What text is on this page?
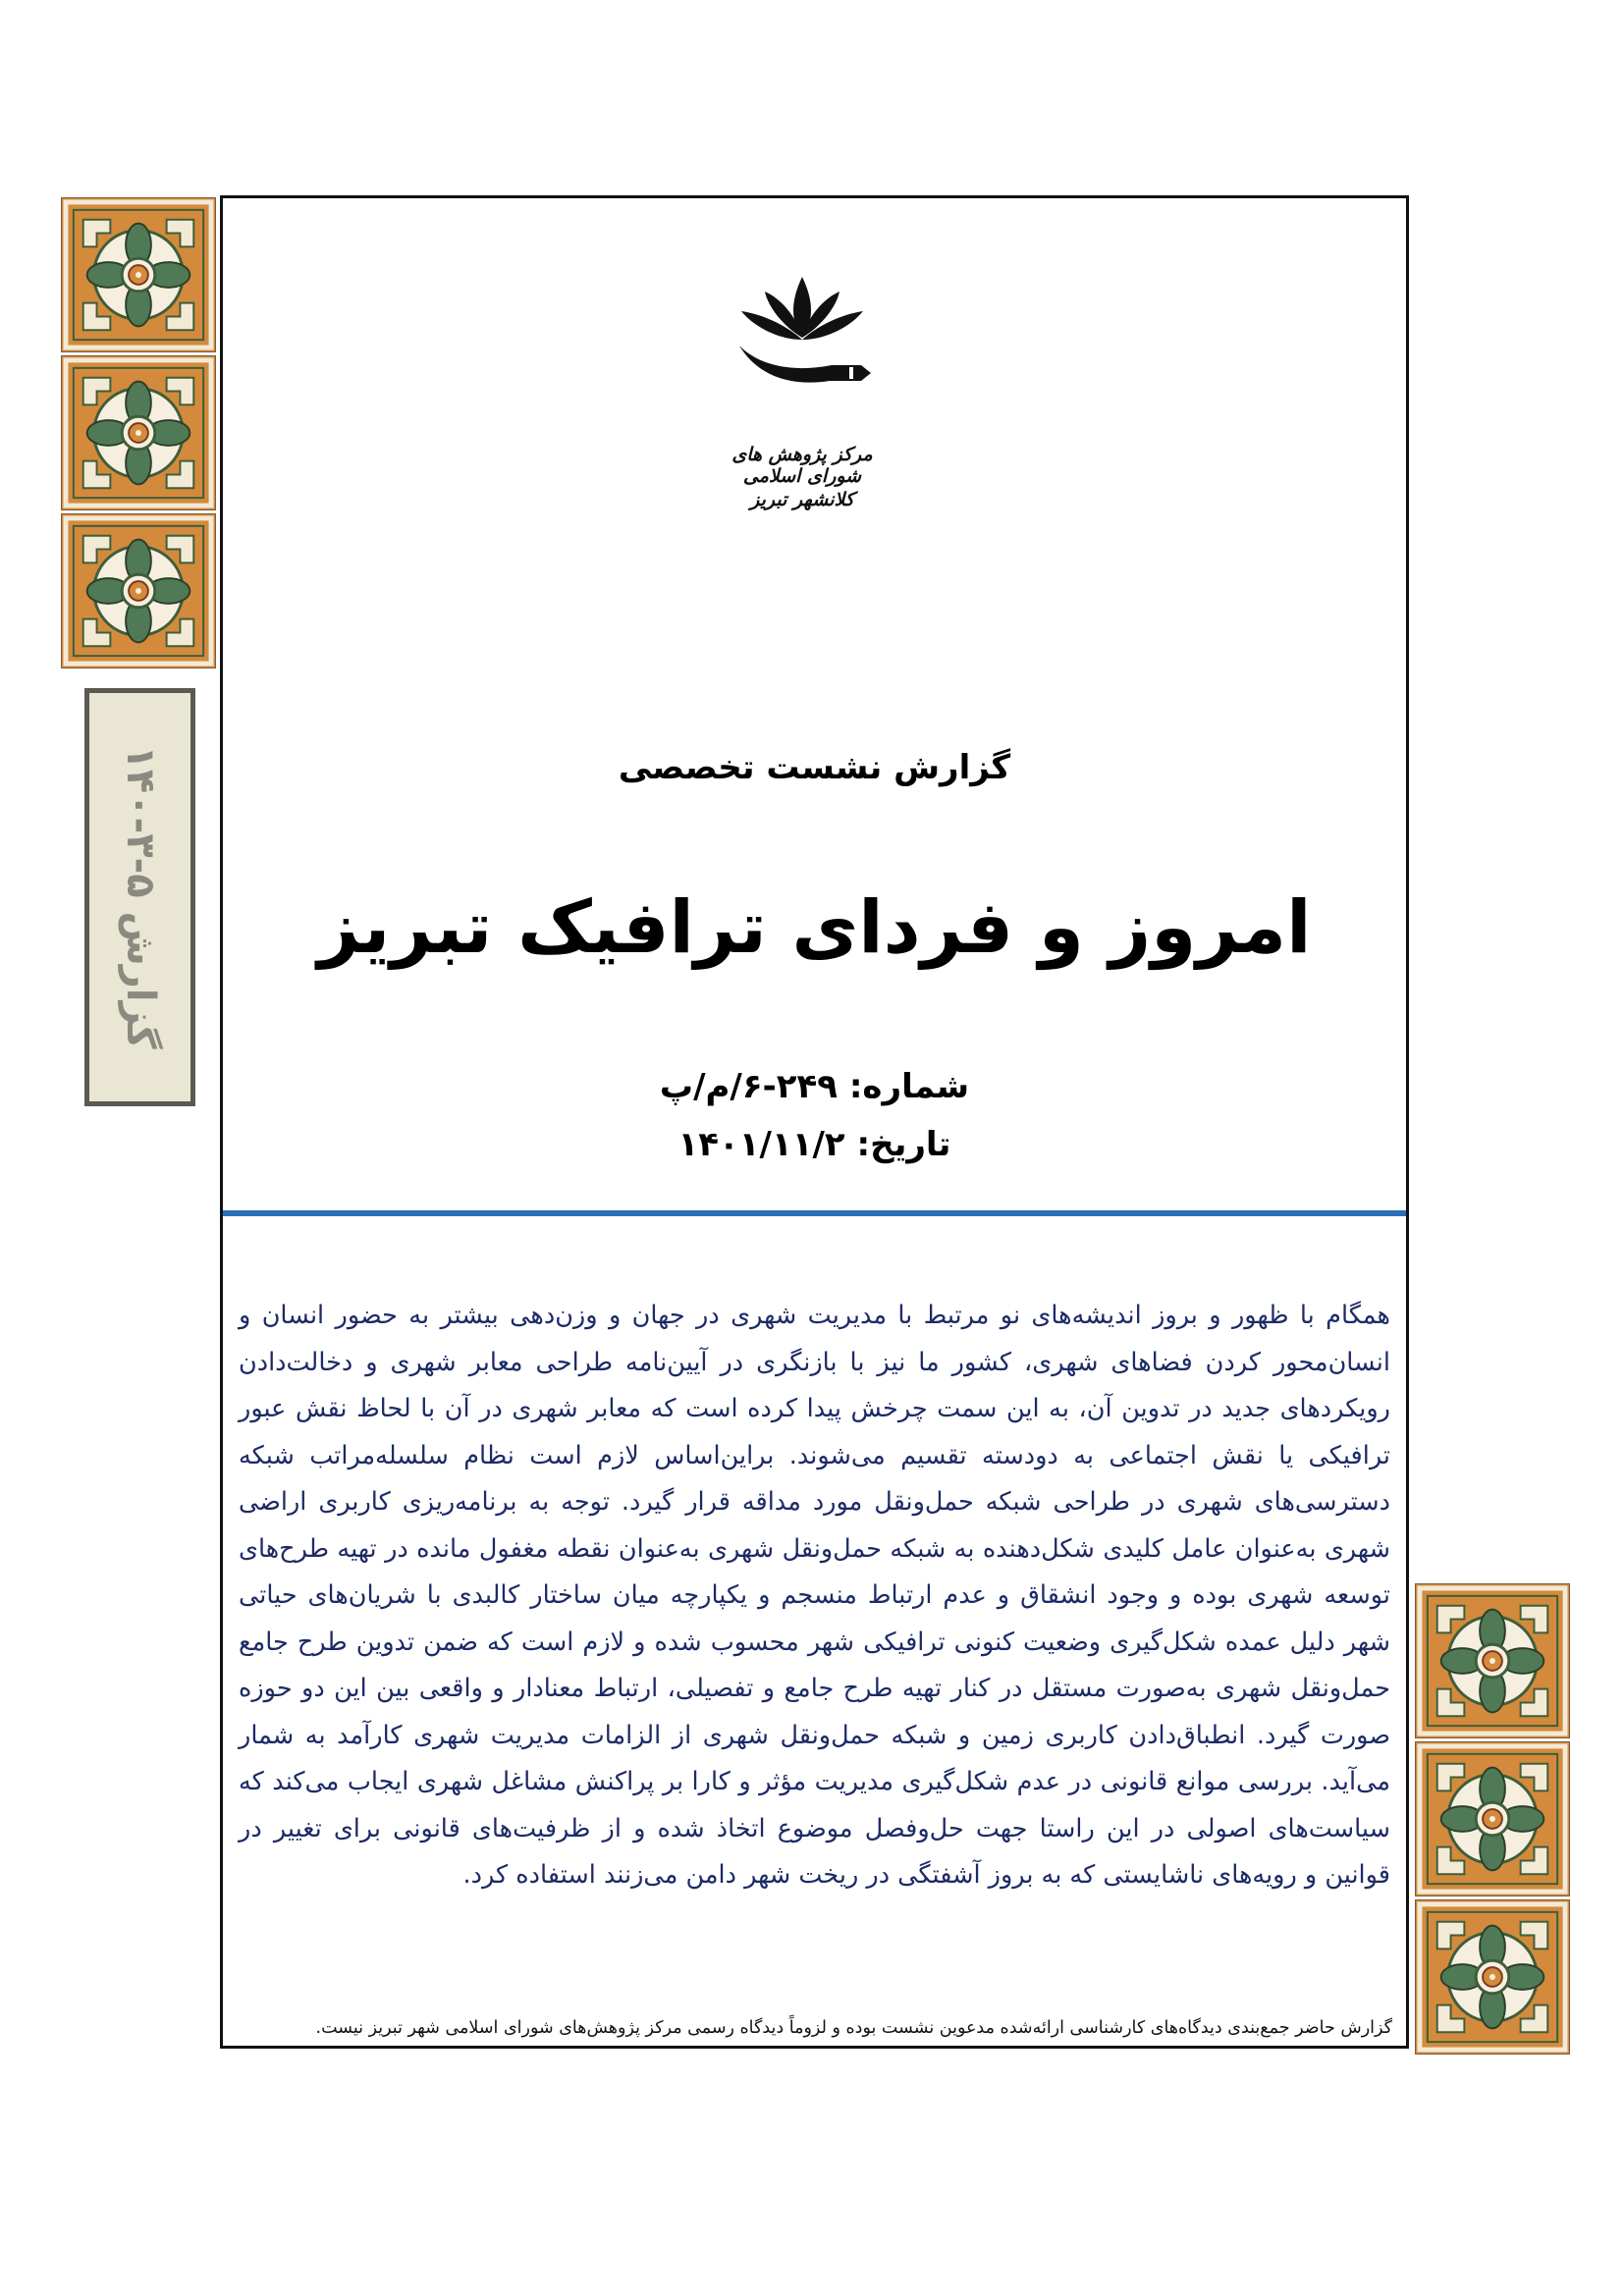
گزارش ۵-۳-۱۴۰
مرکز پژوهش های شورای اسلامی
کلانشهر تبریز
گزارش نشست تخصصی
امروز و فردای ترافیک تبریز
شماره: ۲۴۹-۶/م/پ
تاریخ: ۱۴۰۱/۱۱/۲
همگام با ظهور و بروز اندیشه‌های نو مرتبط با مدیریت شهری در جهان و وزن‌دهی بیشتر به حضور انسان و انسان‌محور کردن فضاهای شهری، کشور ما نیز با بازنگری در آیین‌نامه طراحی معابر شهری و دخالت‌دادن رویکردهای جدید در تدوین آن، به این سمت چرخش پیدا کرده است که معابر شهری در آن با لحاظ نقش عبور ترافیکی یا نقش اجتماعی به دودسته تقسیم می‌شوند. براین‌اساس لازم است نظام سلسله‌مراتب شبکه دسترسی‌های شهری در طراحی شبکه حمل‌ونقل مورد مداقه قرار گیرد. توجه به برنامه‌ریزی کاربری اراضی شهری به‌عنوان عامل کلیدی شکل‌دهنده به شبکه حمل‌ونقل شهری به‌عنوان نقطه مغفول مانده در تهیه طرح‌های توسعه شهری بوده و وجود انشقاق و عدم ارتباط منسجم و یکپارچه میان ساختار کالبدی با شریان‌های حیاتی شهر دلیل عمده شکل‌گیری وضعیت کنونی ترافیکی شهر محسوب شده و لازم است که ضمن تدوین طرح جامع حمل‌ونقل شهری به‌صورت مستقل در کنار تهیه طرح جامع و تفصیلی، ارتباط معنادار و واقعی بین این دو حوزه صورت گیرد. انطباق‌دادن کاربری زمین و شبکه حمل‌ونقل شهری از الزامات مدیریت شهری کارآمد به شمار می‌آید. بررسی موانع قانونی در عدم شکل‌گیری مدیریت مؤثر و کارا بر پراکنش مشاغل شهری ایجاب می‌کند که سیاست‌های اصولی در این راستا جهت حل‌وفصل موضوع اتخاذ شده و از ظرفیت‌های قانونی برای تغییر در قوانین و رویه‌های ناشایستی که به بروز آشفتگی در ریخت شهر دامن می‌زنند استفاده کرد.
گزارش حاضر جمع‌بندی دیدگاه‌های کارشناسی ارائه‌شده مدعوین نشست بوده و لزوماً دیدگاه رسمی مرکز پژوهش‌های شورای اسلامی شهر تبریز نیست.
